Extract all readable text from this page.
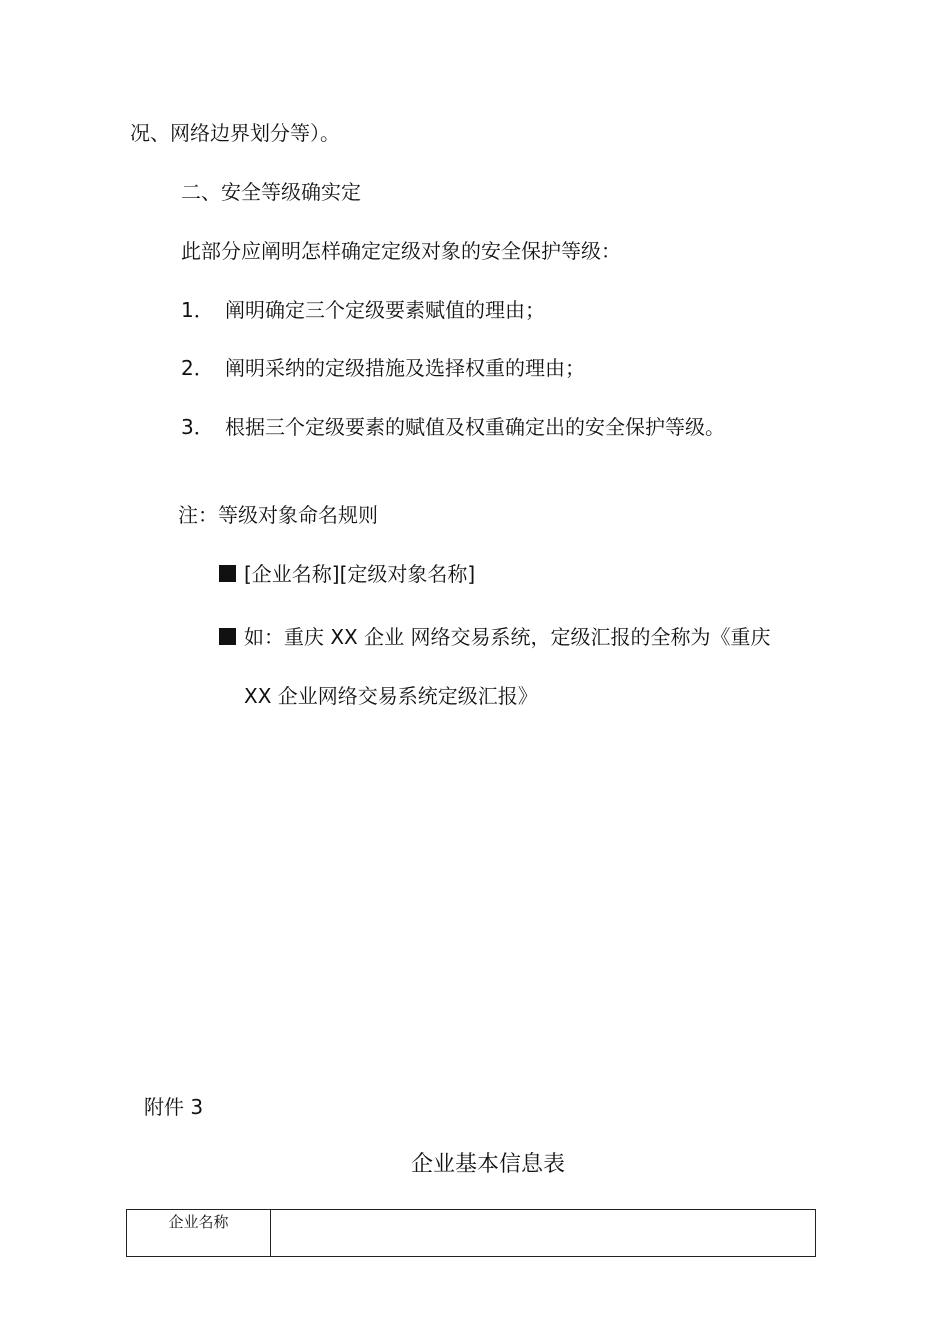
况、网络边界划分等）。
二、安全等级确实定
此部分应阐明怎样确定定级对象的安全保护等级：
1． 阐明确定三个定级要素赋值的理由；
2． 阐明采纳的定级措施及选择权重的理由；
3． 根据三个定级要素的赋值及权重确定出的安全保护等级。
注：等级对象命名规则
[企业名称][定级对象名称]
如：重庆 XX 企业 网络交易系统，定级汇报的全称为《重庆
XX 企业网络交易系统定级汇报》
附件 3
企业基本信息表
企业名称	
